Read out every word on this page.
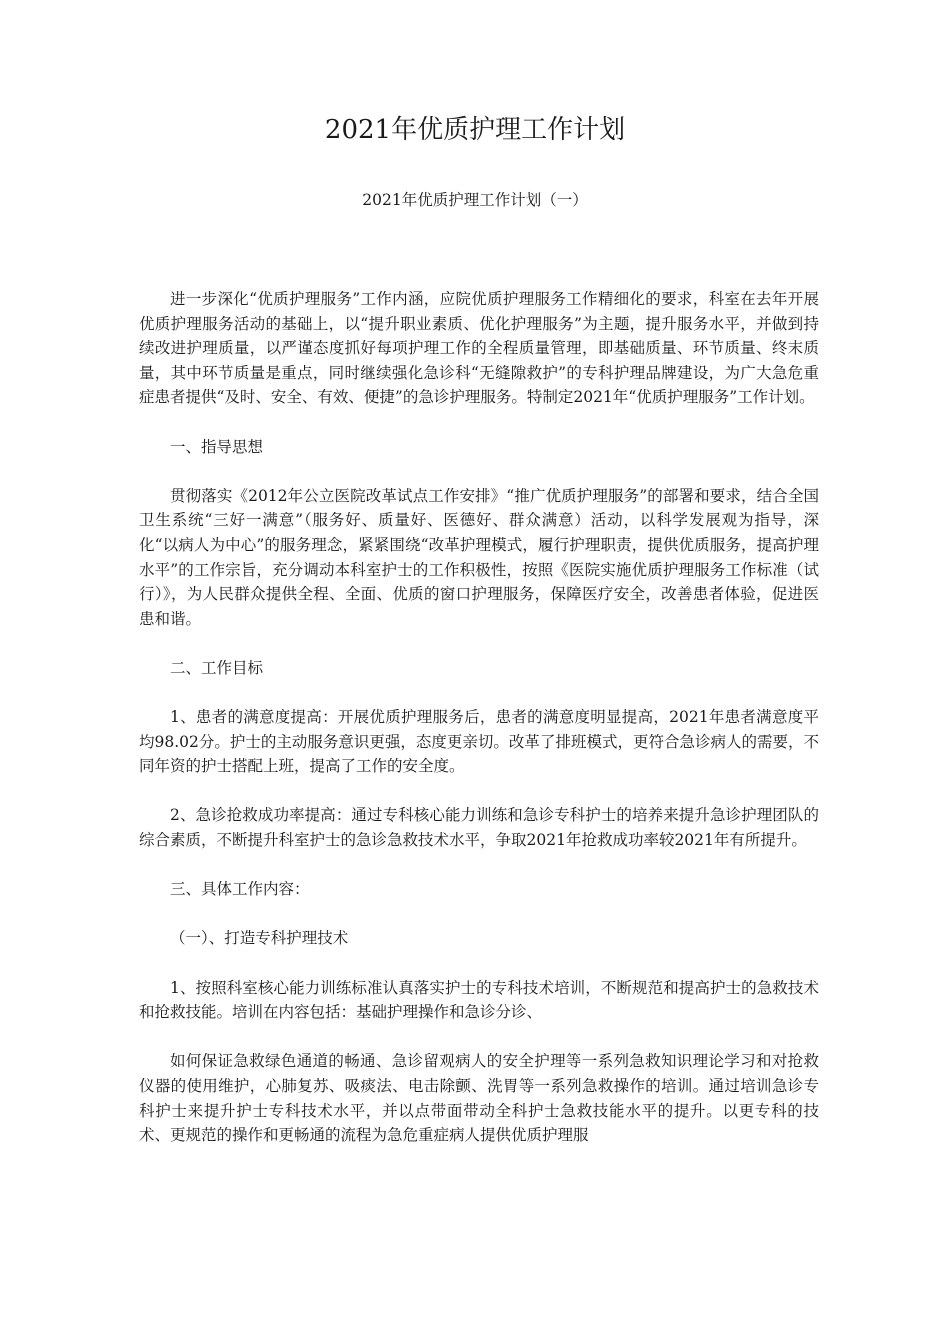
2021年优质护理工作计划
2021年优质护理工作计划（一）

进一步深化“优质护理服务”工作内涵，应院优质护理服务工作精细化的要求，科室在去年开展优质护理服务活动的基础上，以“提升职业素质、优化护理服务”为主题，提升服务水平，并做到持续改进护理质量，以严谨态度抓好每项护理工作的全程质量管理，即基础质量、环节质量、终末质量，其中环节质量是重点，同时继续强化急诊科“无缝隙救护”的专科护理品牌建设，为广大急危重症患者提供“及时、安全、有效、便捷”的急诊护理服务。特制定2021年“优质护理服务”工作计划。

一、指导思想

贯彻落实《2012年公立医院改革试点工作安排》“推广优质护理服务”的部署和要求，结合全国卫生系统“三好一满意”（服务好、质量好、医德好、群众满意）活动，以科学发展观为指导，深化“以病人为中心”的服务理念，紧紧围绕“改革护理模式，履行护理职责，提供优质服务，提高护理水平”的工作宗旨，充分调动本科室护士的工作积极性，按照《医院实施优质护理服务工作标准（试行）》，为人民群众提供全程、全面、优质的窗口护理服务，保障医疗安全，改善患者体验，促进医患和谐。

二、工作目标

1、患者的满意度提高：开展优质护理服务后，患者的满意度明显提高，2021年患者满意度平均98.02分。护士的主动服务意识更强，态度更亲切。改革了排班模式，更符合急诊病人的需要，不同年资的护士搭配上班，提高了工作的安全度。

2、急诊抢救成功率提高：通过专科核心能力训练和急诊专科护士的培养来提升急诊护理团队的综合素质，不断提升科室护士的急诊急救技术水平，争取2021年抢救成功率较2021年有所提升。

三、具体工作内容：

（一）、打造专科护理技术

1、按照科室核心能力训练标准认真落实护士的专科技术培训，不断规范和提高护士的急救技术和抢救技能。培训在内容包括：基础护理操作和急诊分诊、

如何保证急救绿色通道的畅通、急诊留观病人的安全护理等一系列急救知识理论学习和对抢救仪器的使用维护，心肺复苏、吸痰法、电击除颤、洗胃等一系列急救操作的培训。通过培训急诊专科护士来提升护士专科技术水平，并以点带面带动全科护士急救技能水平的提升。以更专科的技术、更规范的操作和更畅通的流程为急危重症病人提供优质护理服
